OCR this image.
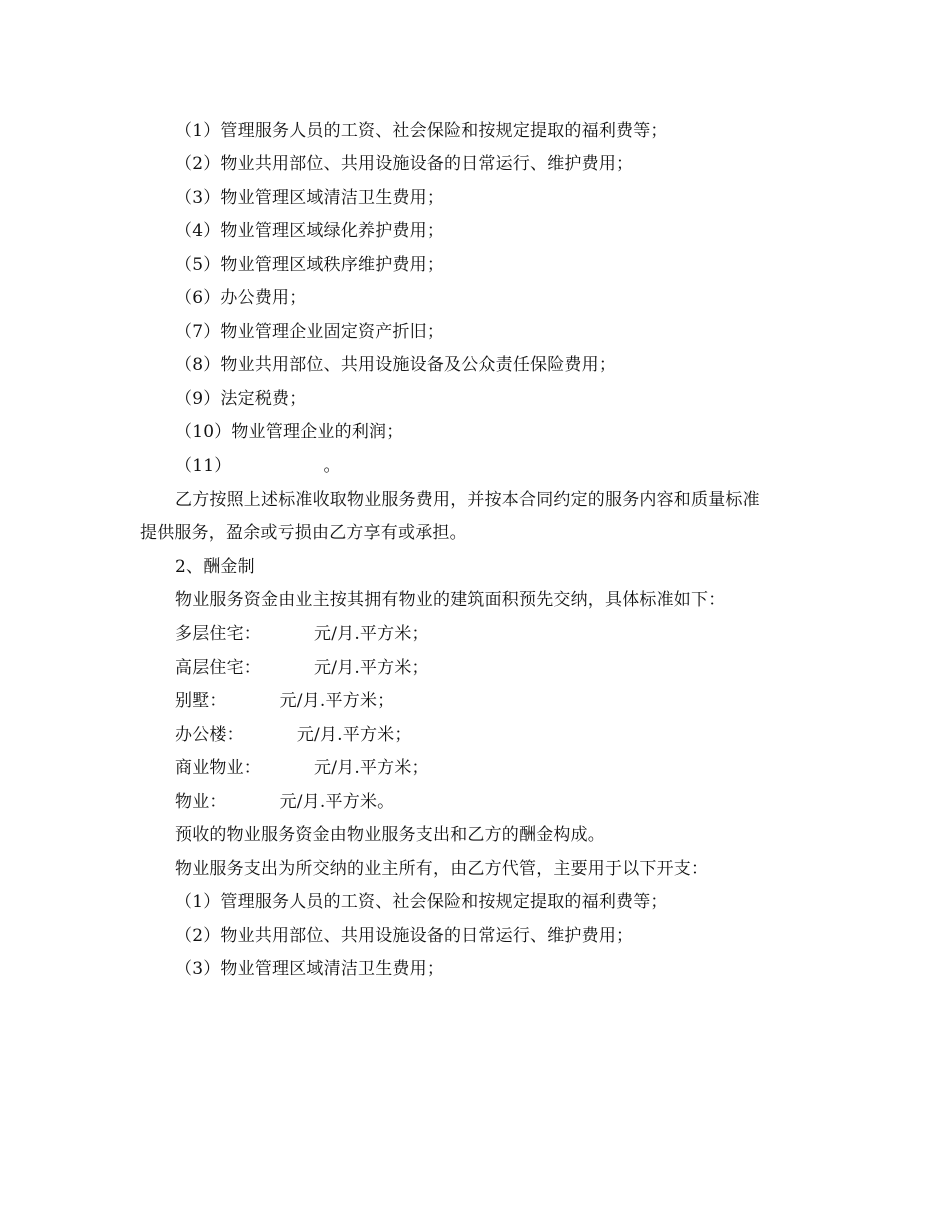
（1）管理服务人员的工资、社会保险和按规定提取的福利费等；
（2）物业共用部位、共用设施设备的日常运行、维护费用；
（3）物业管理区域清洁卫生费用；
（4）物业管理区域绿化养护费用；
（5）物业管理区域秩序维护费用；
（6）办公费用；
（7）物业管理企业固定资产折旧；
（8）物业共用部位、共用设施设备及公众责任保险费用；
（9）法定税费；
（10）物业管理企业的利润；
（11）	。
乙方按照上述标准收取物业服务费用，并按本合同约定的服务内容和质量标准
提供服务，盈余或亏损由乙方享有或承担。
2、酬金制
物业服务资金由业主按其拥有物业的建筑面积预先交纳，具体标准如下：
多层住宅：	元/月.平方米；
高层住宅：	元/月.平方米；
别墅：	元/月.平方米；
办公楼：	元/月.平方米；
商业物业：	元/月.平方米；
物业：	元/月.平方米。
预收的物业服务资金由物业服务支出和乙方的酬金构成。
物业服务支出为所交纳的业主所有，由乙方代管，主要用于以下开支：
（1）管理服务人员的工资、社会保险和按规定提取的福利费等；
（2）物业共用部位、共用设施设备的日常运行、维护费用；
（3）物业管理区域清洁卫生费用；
